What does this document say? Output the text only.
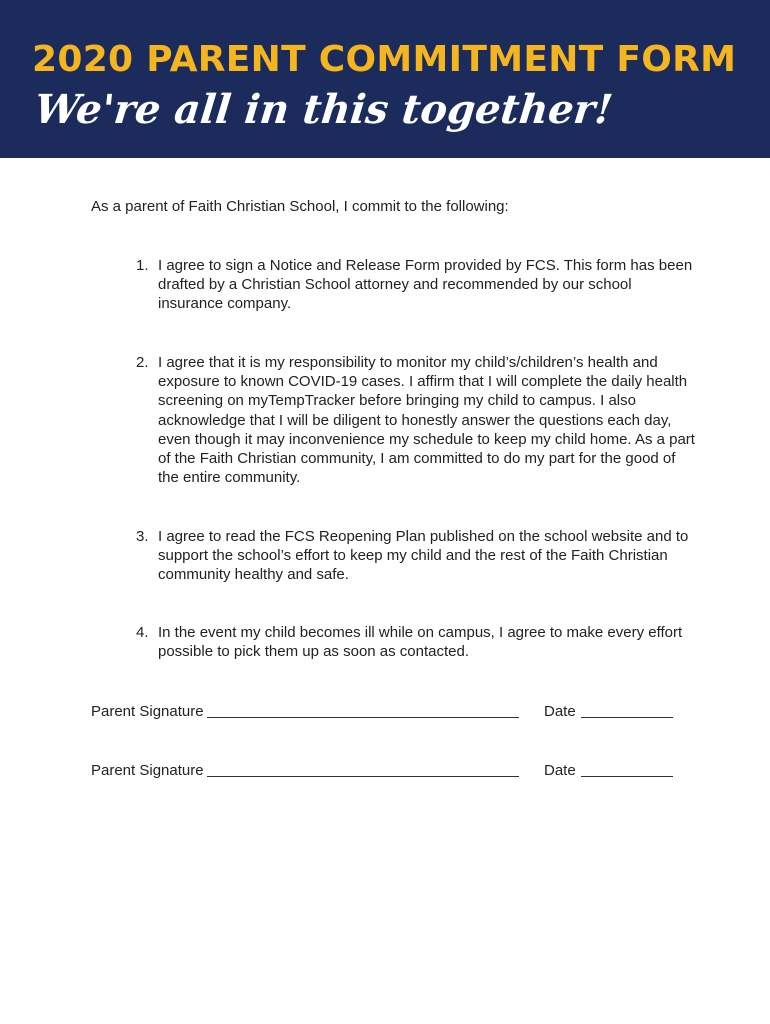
2020 PARENT COMMITMENT FORM
We're all in this together!

As a parent of Faith Christian School, I commit to the following:

1. I agree to sign a Notice and Release Form provided by FCS. This form has been drafted by a Christian School attorney and recommended by our school insurance company.
2. I agree that it is my responsibility to monitor my child’s/children’s health and exposure to known COVID-19 cases. I affirm that I will complete the daily health screening on myTempTracker before bringing my child to campus. I also acknowledge that I will be diligent to honestly answer the questions each day, even though it may inconvenience my schedule to keep my child home. As a part of the Faith Christian community, I am committed to do my part for the good of the entire community.
3. I agree to read the FCS Reopening Plan published on the school website and to support the school’s effort to keep my child and the rest of the Faith Christian community healthy and safe.
4. In the event my child becomes ill while on campus, I agree to make every effort possible to pick them up as soon as contacted.
Parent Signature	Date
Parent Signature	Date
